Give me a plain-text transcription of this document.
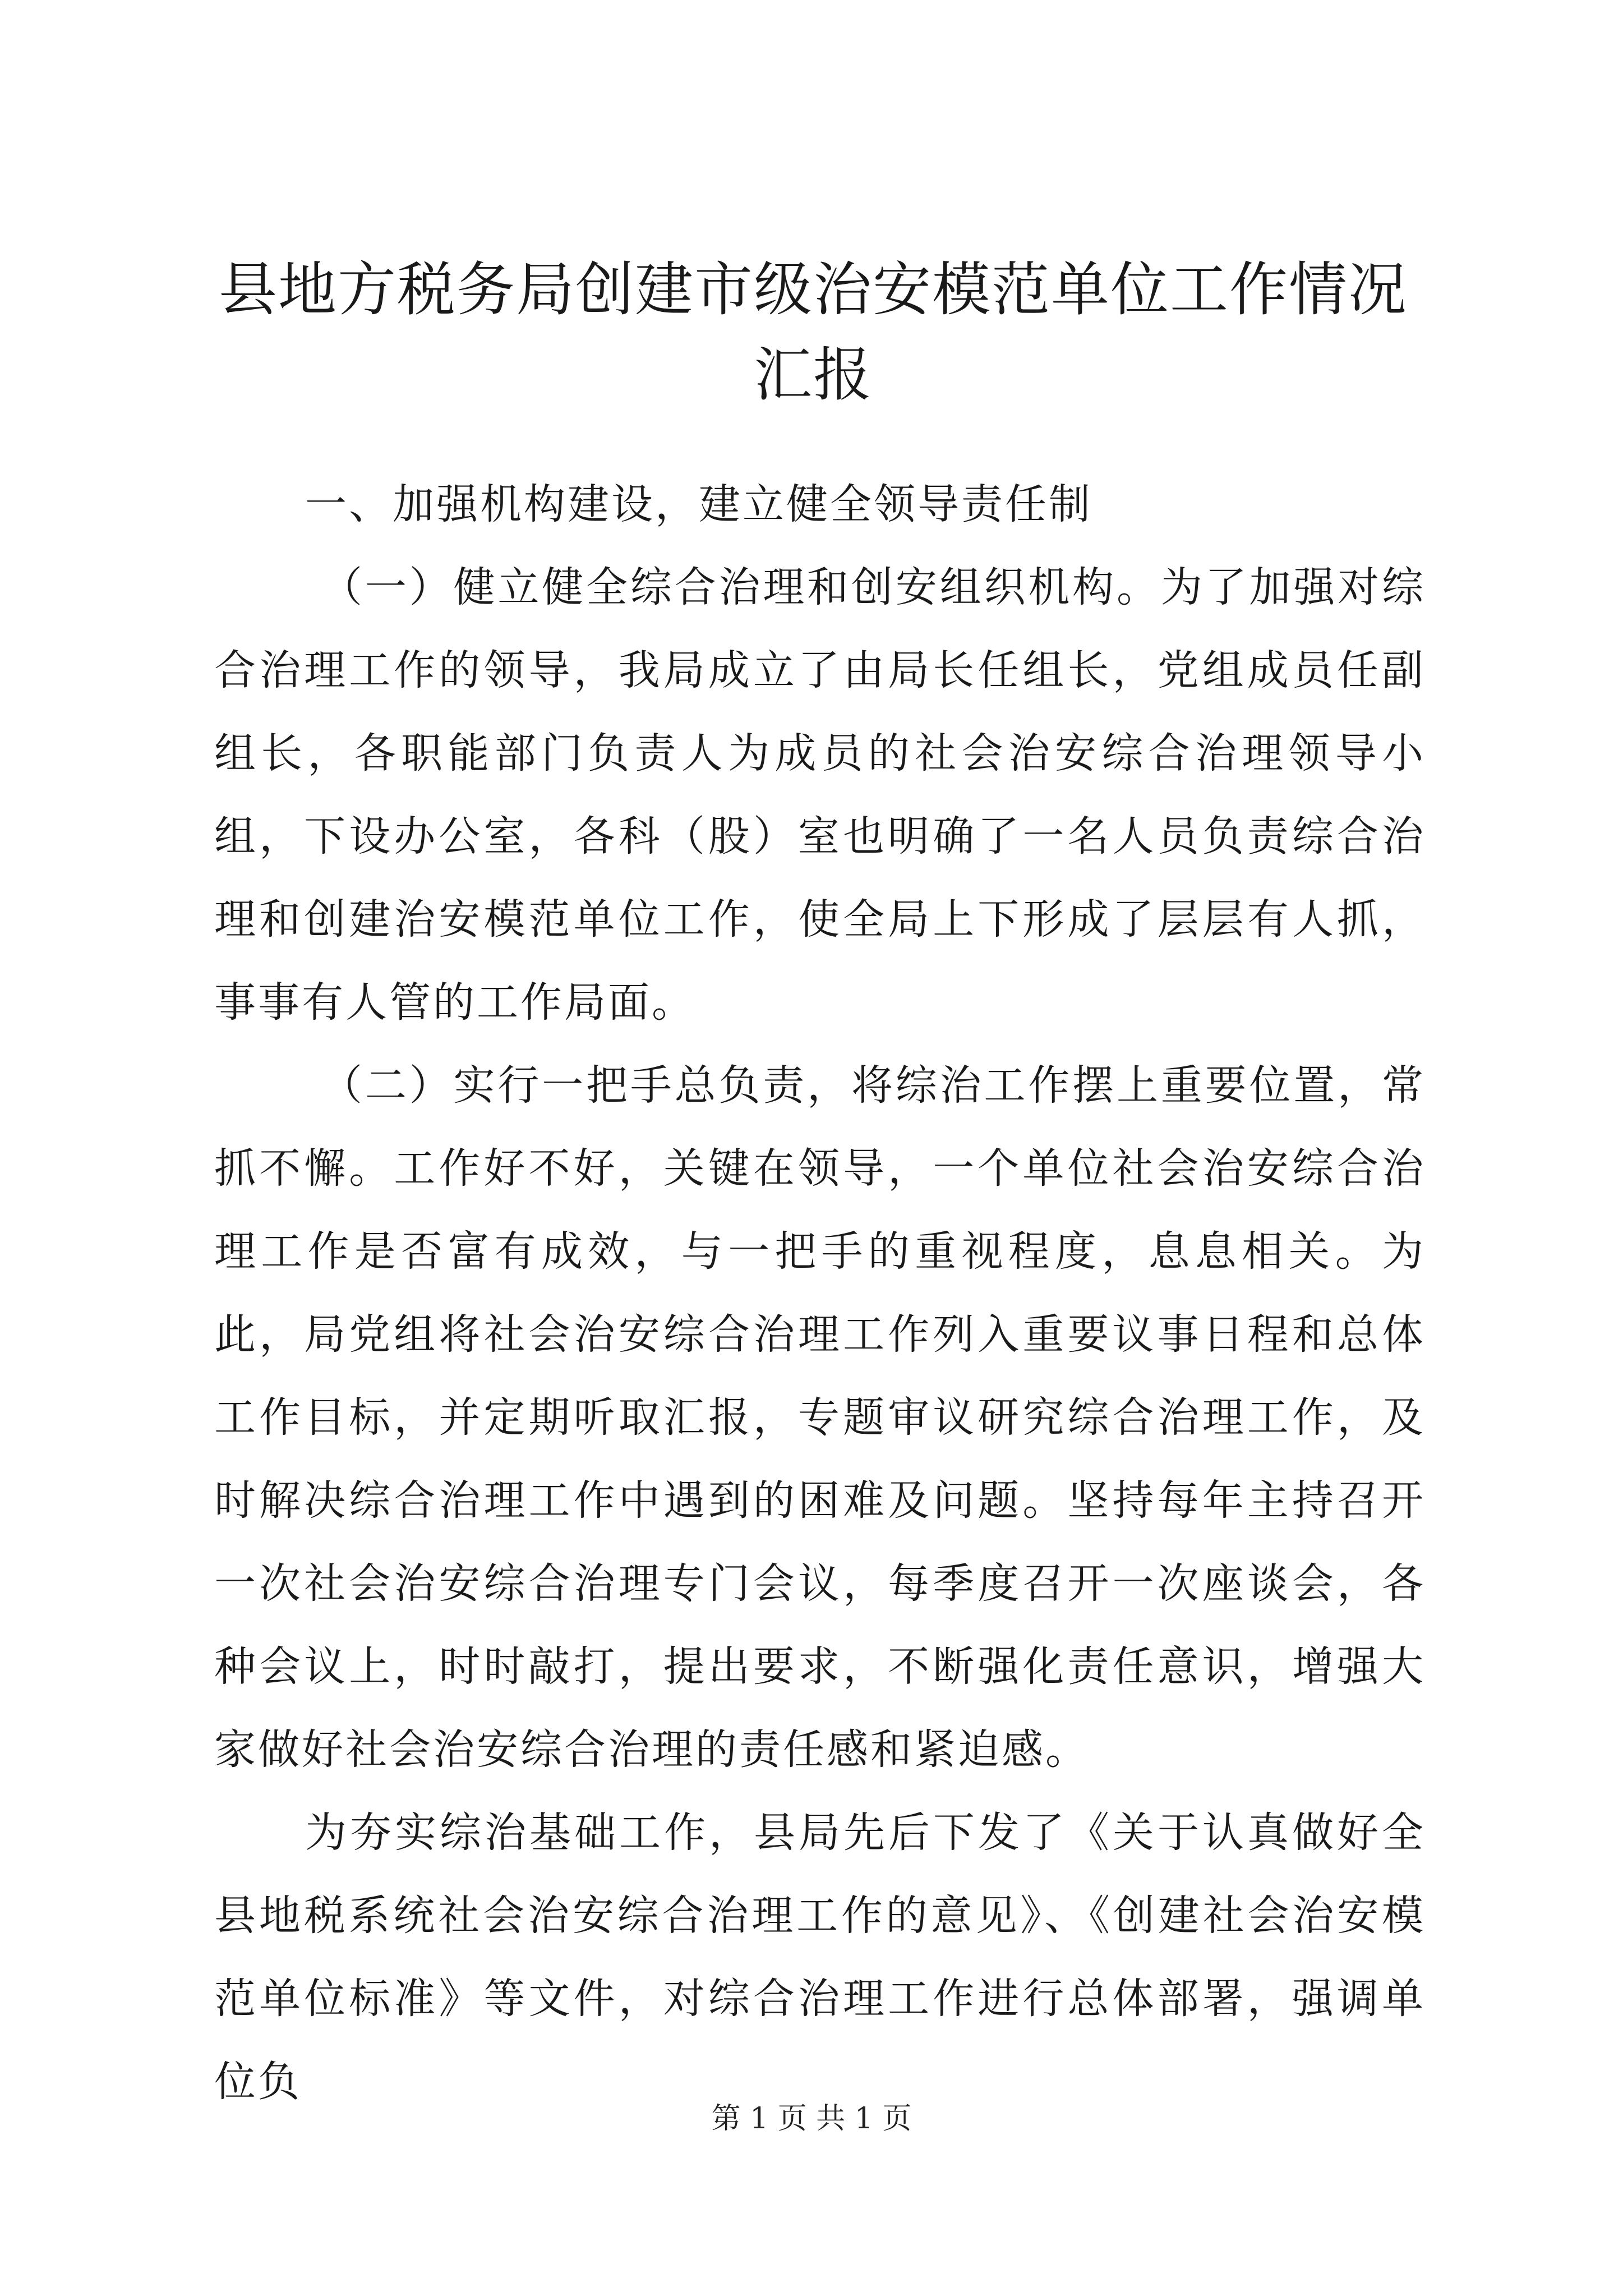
县地方税务局创建市级治安模范单位工作情况
汇报

一、加强机构建设，建立健全领导责任制

（一）健立健全综合治理和创安组织机构。为了加强对综合治理工作的领导，我局成立了由局长任组长，党组成员任副组长，各职能部门负责人为成员的社会治安综合治理领导小组，下设办公室，各科（股）室也明确了一名人员负责综合治理和创建治安模范单位工作，使全局上下形成了层层有人抓，事事有人管的工作局面。

（二）实行一把手总负责，将综治工作摆上重要位置，常抓不懈。工作好不好，关键在领导，一个单位社会治安综合治理工作是否富有成效，与一把手的重视程度，息息相关。为此，局党组将社会治安综合治理工作列入重要议事日程和总体工作目标，并定期听取汇报，专题审议研究综合治理工作，及时解决综合治理工作中遇到的困难及问题。坚持每年主持召开一次社会治安综合治理专门会议，每季度召开一次座谈会，各种会议上，时时敲打，提出要求，不断强化责任意识，增强大家做好社会治安综合治理的责任感和紧迫感。

为夯实综治基础工作，县局先后下发了《关于认真做好全县地税系统社会治安综合治理工作的意见》、《创建社会治安模范单位标准》等文件，对综合治理工作进行总体部署，强调单位负

第 1 页 共 1 页
